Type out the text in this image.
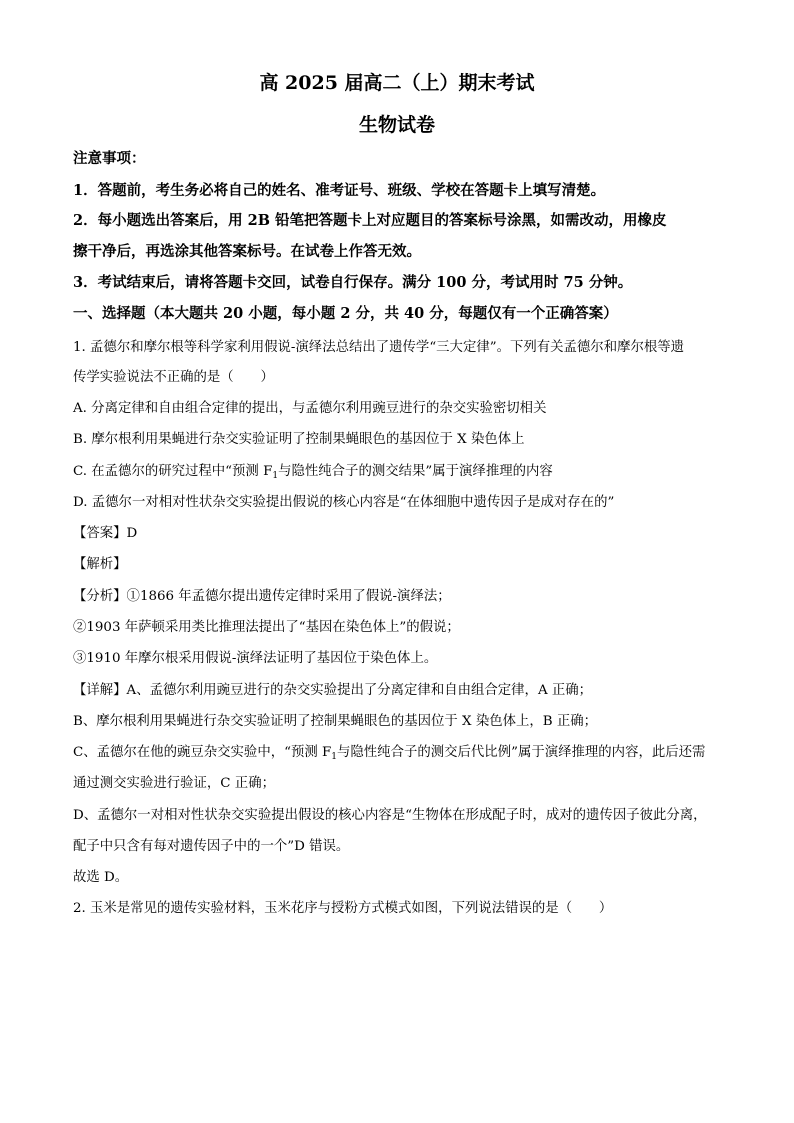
高 2025 届高二（上）期末考试
生物试卷
注意事项：
1．答题前，考生务必将自己的姓名、准考证号、班级、学校在答题卡上填写清楚。
2．每小题选出答案后，用 2B 铅笔把答题卡上对应题目的答案标号涂黑，如需改动，用橡皮
擦干净后，再选涂其他答案标号。在试卷上作答无效。
3．考试结束后，请将答题卡交回，试卷自行保存。满分 100 分，考试用时 75 分钟。
一、选择题（本大题共 20 小题，每小题 2 分，共 40 分，每题仅有一个正确答案）
1. 孟德尔和摩尔根等科学家利用假说-演绎法总结出了遗传学“三大定律”。下列有关孟德尔和摩尔根等遗
传学实验说法不正确的是（　　）
A. 分离定律和自由组合定律的提出，与孟德尔利用豌豆进行的杂交实验密切相关
B. 摩尔根利用果蝇进行杂交实验证明了控制果蝇眼色的基因位于 X 染色体上
C. 在孟德尔的研究过程中“预测 $F_1$与隐性纯合子的测交结果”属于演绎推理的内容
D. 孟德尔一对相对性状杂交实验提出假说的核心内容是“在体细胞中遗传因子是成对存在的”
【答案】D
【解析】
【分析】①1866 年孟德尔提出遗传定律时采用了假说-演绎法；
②1903 年萨顿采用类比推理法提出了“基因在染色体上”的假说；
③1910 年摩尔根采用假说-演绎法证明了基因位于染色体上。
【详解】A、孟德尔利用豌豆进行的杂交实验提出了分离定律和自由组合定律，A 正确；
B、摩尔根利用果蝇进行杂交实验证明了控制果蝇眼色的基因位于 X 染色体上，B 正确；
C、孟德尔在他的豌豆杂交实验中，“预测 $F_1$与隐性纯合子的测交后代比例”属于演绎推理的内容，此后还需
通过测交实验进行验证，C 正确；
D、孟德尔一对相对性状杂交实验提出假设的核心内容是“生物体在形成配子时，成对的遗传因子彼此分离，
配子中只含有每对遗传因子中的一个”D 错误。
故选 D。
2. 玉米是常见的遗传实验材料，玉米花序与授粉方式模式如图，下列说法错误的是（　　）
